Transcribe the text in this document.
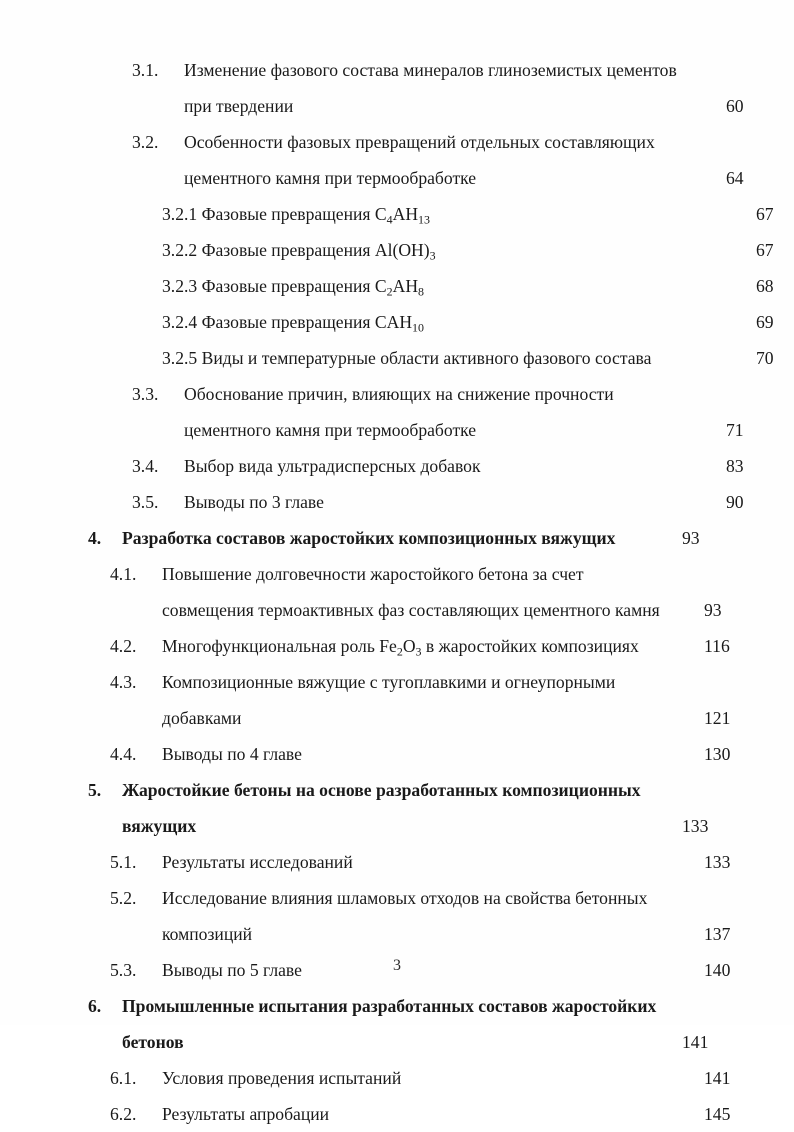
3.1.	Изменение фазового состава минералов глиноземистых цементов
при твердении	60
3.2.	Особенности фазовых превращений отдельных составляющих
цементного камня при термообработке	64
3.2.1 Фазовые превращения $C_4AH_{13}$	67
3.2.2 Фазовые превращения $Al(OH)_3$	67
3.2.3 Фазовые превращения $C_2AH_8$	68
3.2.4 Фазовые превращения $CAH_{10}$	69
3.2.5 Виды и температурные области активного фазового состава	70
3.3.	Обоснование причин, влияющих на снижение прочности
цементного камня при термообработке	71
3.4.	Выбор вида ультрадисперсных добавок	83
3.5.	Выводы по 3 главе	90
4.	Разработка составов жаростойких композиционных вяжущих	93
4.1.	Повышение долговечности жаростойкого бетона за счет
совмещения термоактивных фаз составляющих цементного камня	93
4.2.	Многофункциональная роль $Fe_2O_3$ в жаростойких композициях	116
4.3.	Композиционные вяжущие с тугоплавкими и огнеупорными
добавками	121
4.4.	Выводы по 4 главе	130
5.	Жаростойкие бетоны на основе разработанных композиционных
вяжущих	133
5.1.	Результаты исследований	133
5.2.	Исследование влияния шламовых отходов на свойства бетонных
композиций	137
5.3.	Выводы по 5 главе	140
6.	Промышленные испытания разработанных составов жаростойких
бетонов	141
6.1.	Условия проведения испытаний	141
6.2.	Результаты апробации	145
3
